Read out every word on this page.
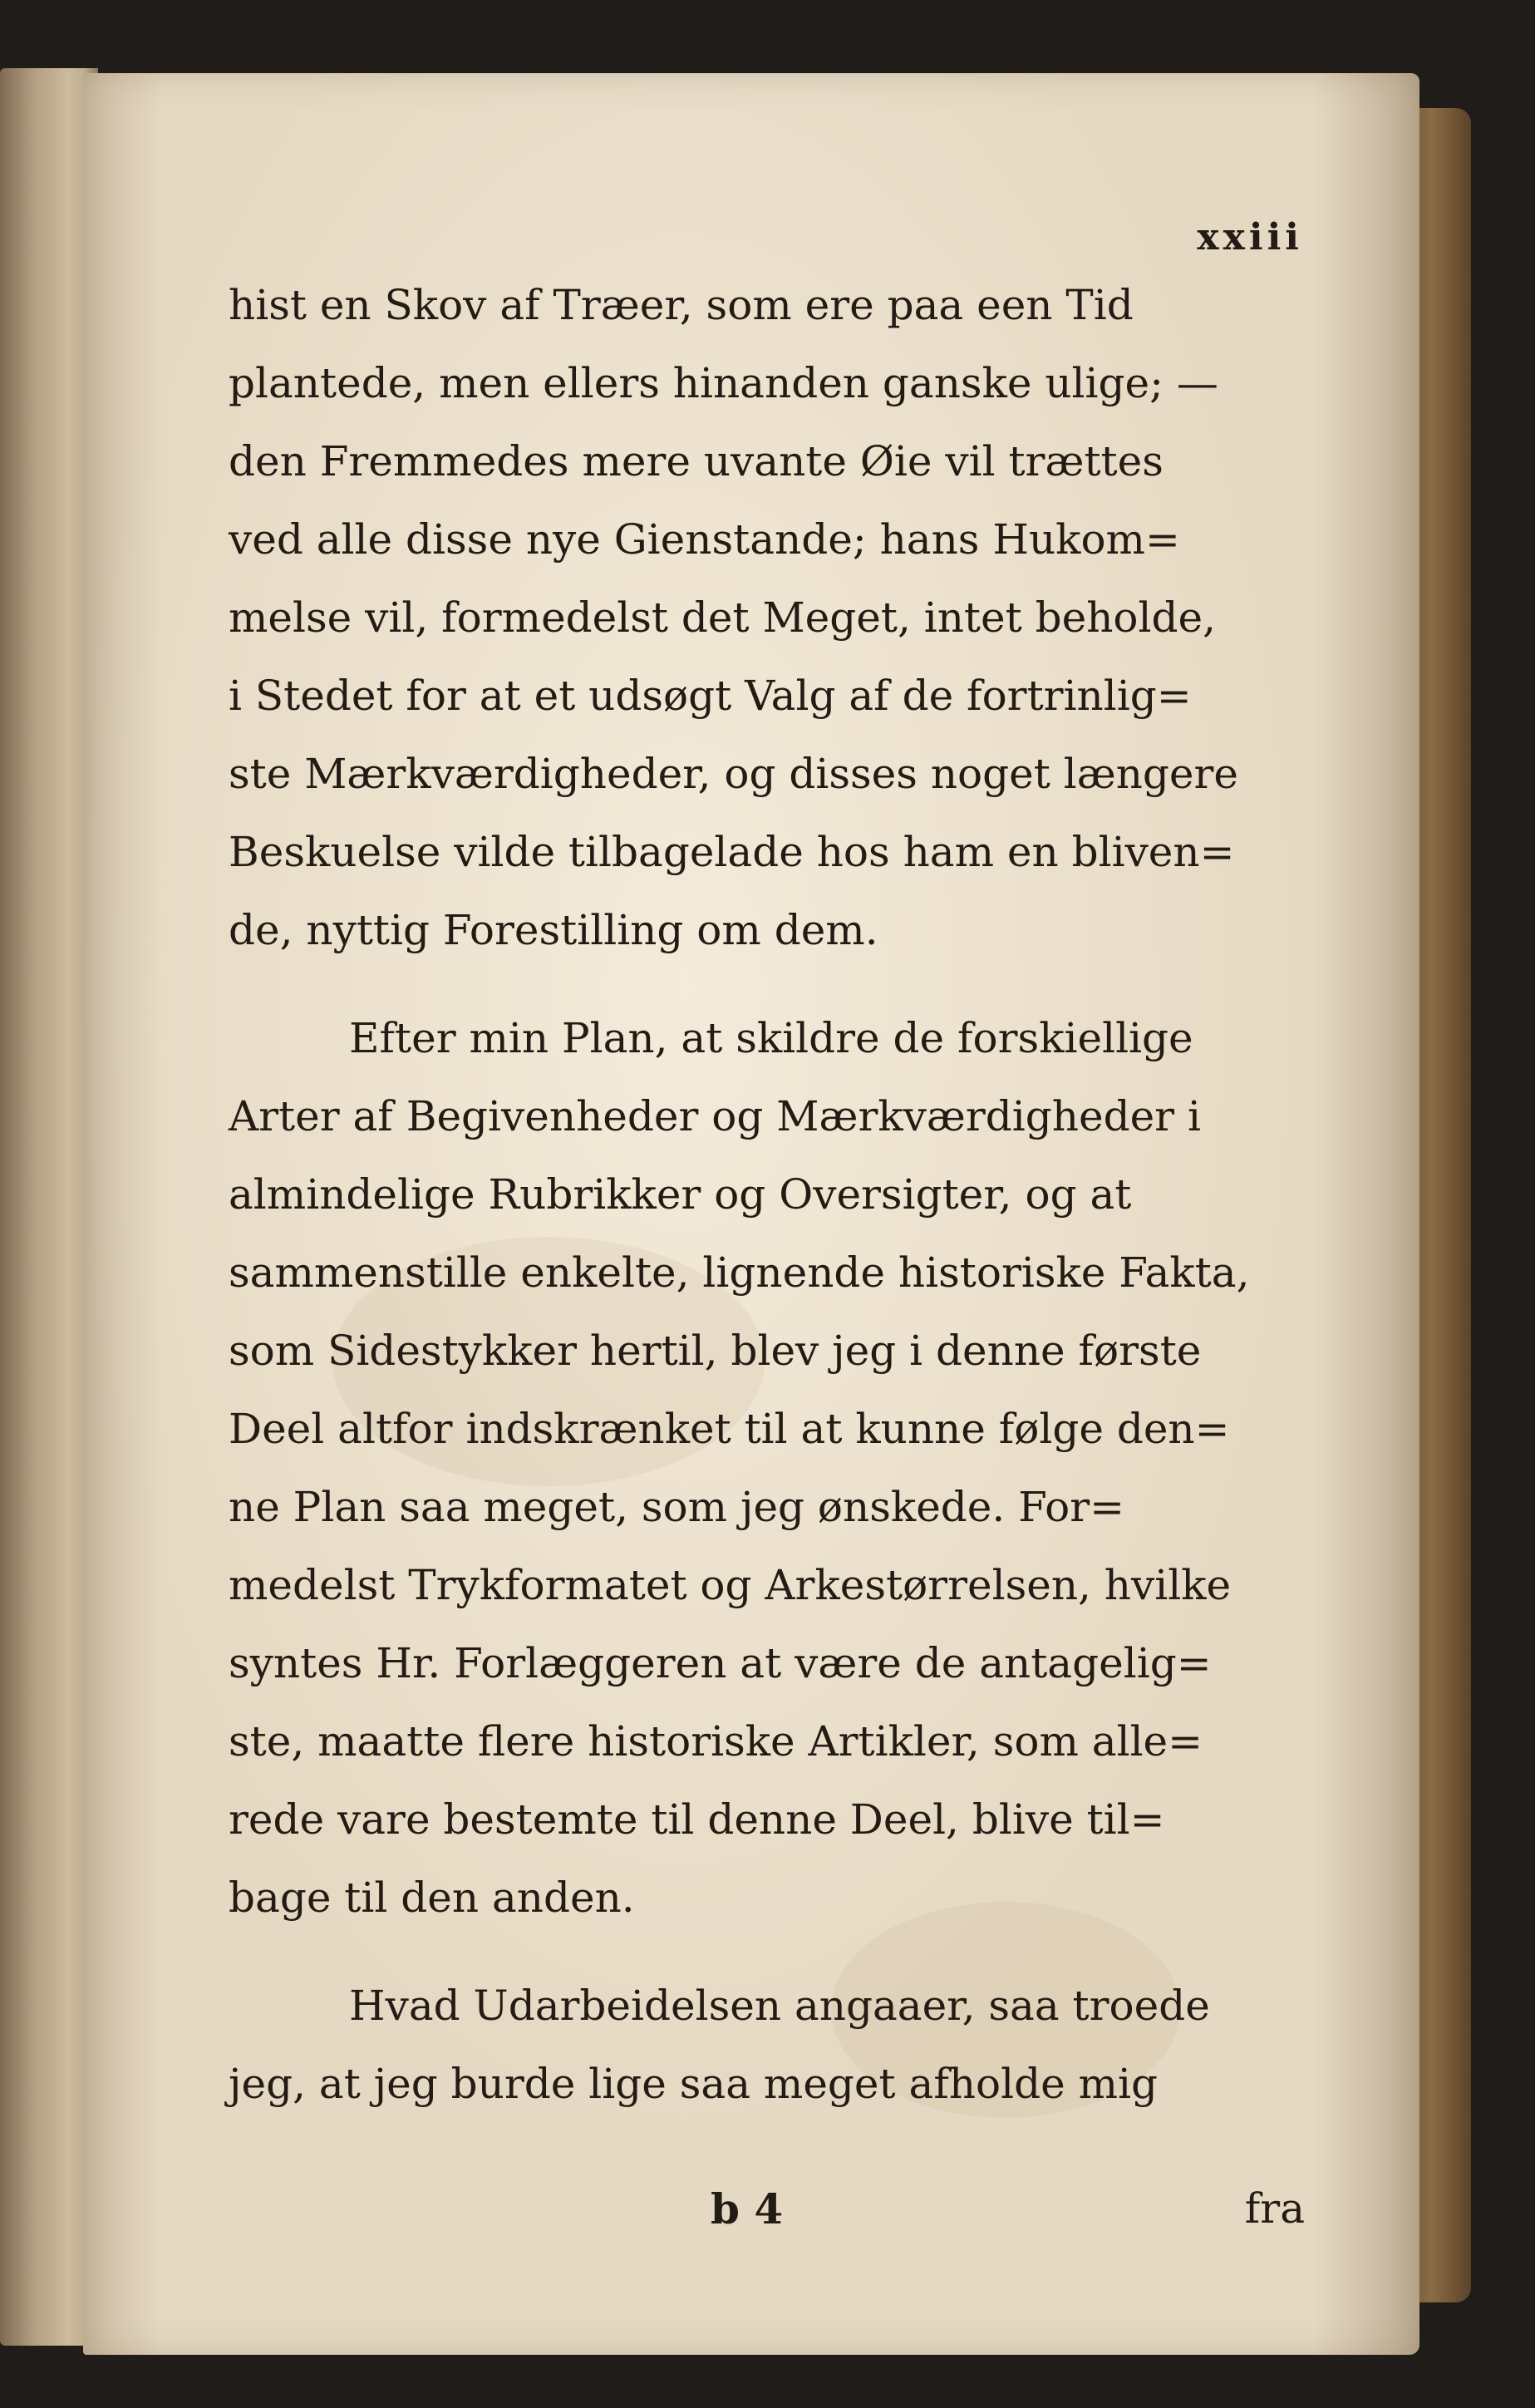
xxiii

hist en Skov af Træer, som ere paa een Tid

plantede, men ellers hinanden ganske ulige; —

den Fremmedes mere uvante Øie vil trættes

ved alle disse nye Gienstande; hans Hukom=

melse vil, formedelst det Meget, intet beholde,

i Stedet for at et udsøgt Valg af de fortrinlig=

ste Mærkværdigheder, og disses noget længere

Beskuelse vilde tilbagelade hos ham en bliven=

de, nyttig Forestilling om dem.

Efter min Plan, at skildre de forskiellige

Arter af Begivenheder og Mærkværdigheder i

almindelige Rubrikker og Oversigter, og at

sammenstille enkelte, lignende historiske Fakta,

som Sidestykker hertil, blev jeg i denne første

Deel altfor indskrænket til at kunne følge den=

ne Plan saa meget, som jeg ønskede. For=

medelst Trykformatet og Arkestørrelsen, hvilke

syntes Hr. Forlæggeren at være de antagelig=

ste, maatte flere historiske Artikler, som alle=

rede vare bestemte til denne Deel, blive til=

bage til den anden.

Hvad Udarbeidelsen angaaer, saa troede

jeg, at jeg burde lige saa meget afholde mig

b 4	fra
